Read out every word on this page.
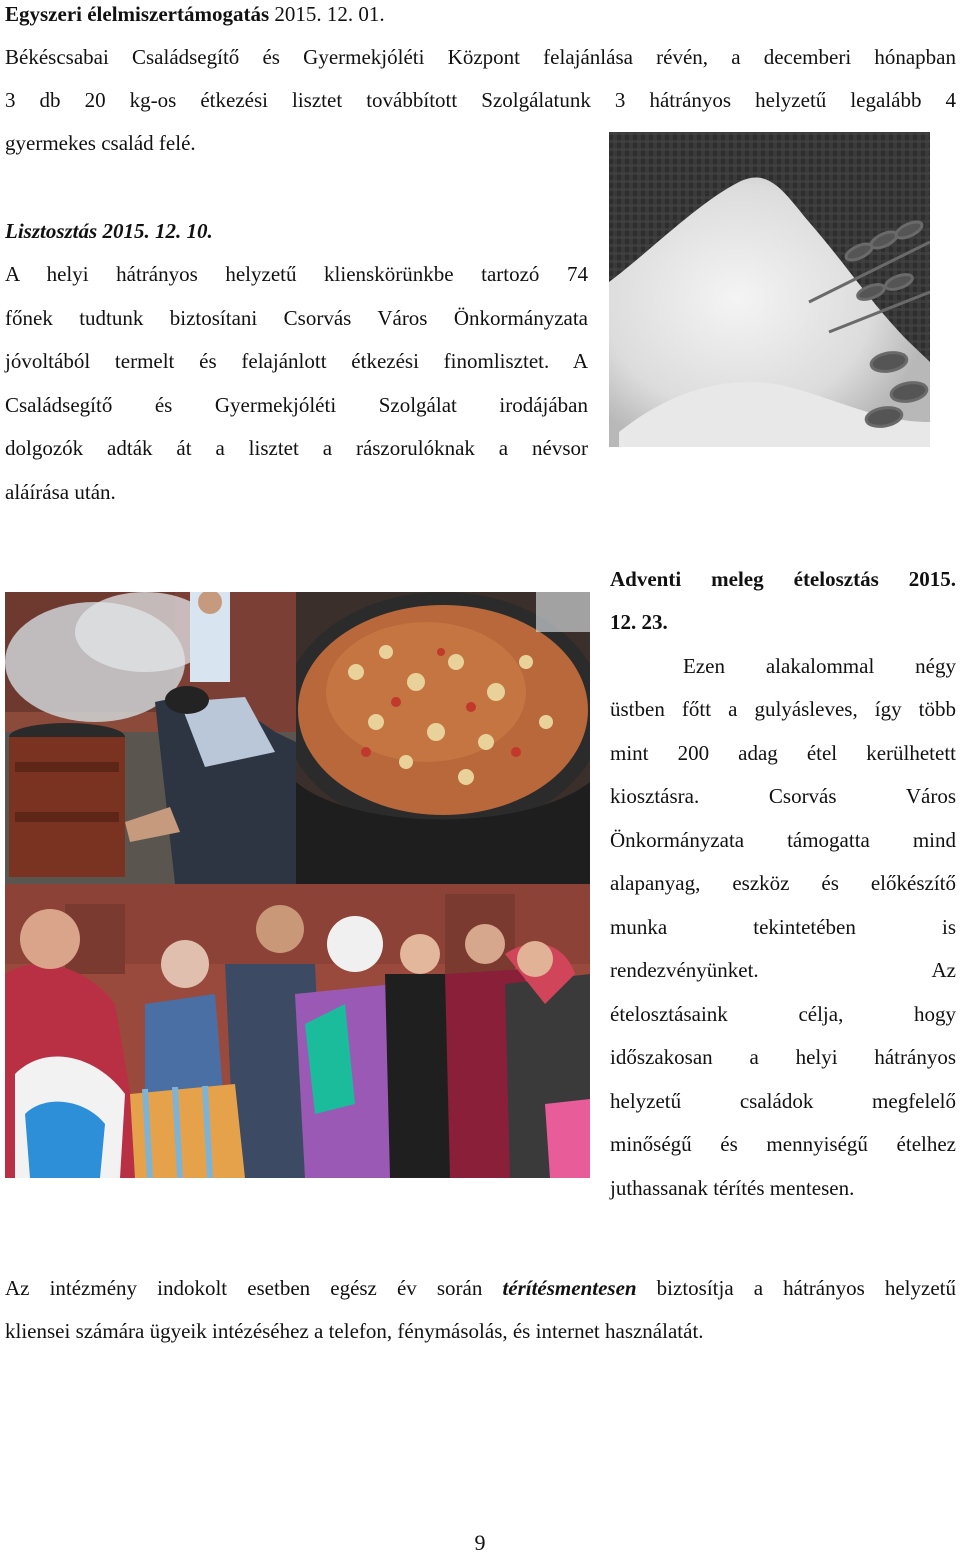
Egyszeri élelmiszertámogatás 2015. 12. 01.
Békéscsabai Családsegítő és Gyermekjóléti Központ felajánlása révén, a decemberi hónapban
3 db 20 kg-os étkezési lisztet továbbított Szolgálatunk 3 hátrányos helyzetű legalább 4
gyermekes család felé.
Lisztosztás 2015. 12. 10.
A helyi hátrányos helyzetű klienskörünkbe tartozó 74
főnek tudtunk biztosítani Csorvás Város Önkormányzata
jóvoltából termelt és felajánlott étkezési finomlisztet. A
Családsegítő és Gyermekjóléti Szolgálat irodájában
dolgozók adták át a lisztet a rászorulóknak a névsor
aláírása után.
Adventi meleg ételosztás 2015.
12. 23.
Ezen alakalommal négy
üstben főtt a gulyásleves, így több
mint 200 adag étel kerülhetett
kiosztásra. Csorvás Város
Önkormányzata támogatta mind
alapanyag, eszköz és előkészítő
munka tekintetében is
rendezvényünket. Az
ételosztásaink célja, hogy
időszakosan a helyi hátrányos
helyzetű családok megfelelő
minőségű és mennyiségű ételhez
juthassanak térítés mentesen.
Az intézmény indokolt esetben egész év során térítésmentesen biztosítja a hátrányos helyzetű
kliensei számára ügyeik intézéséhez a telefon, fénymásolás, és internet használatát.
9
